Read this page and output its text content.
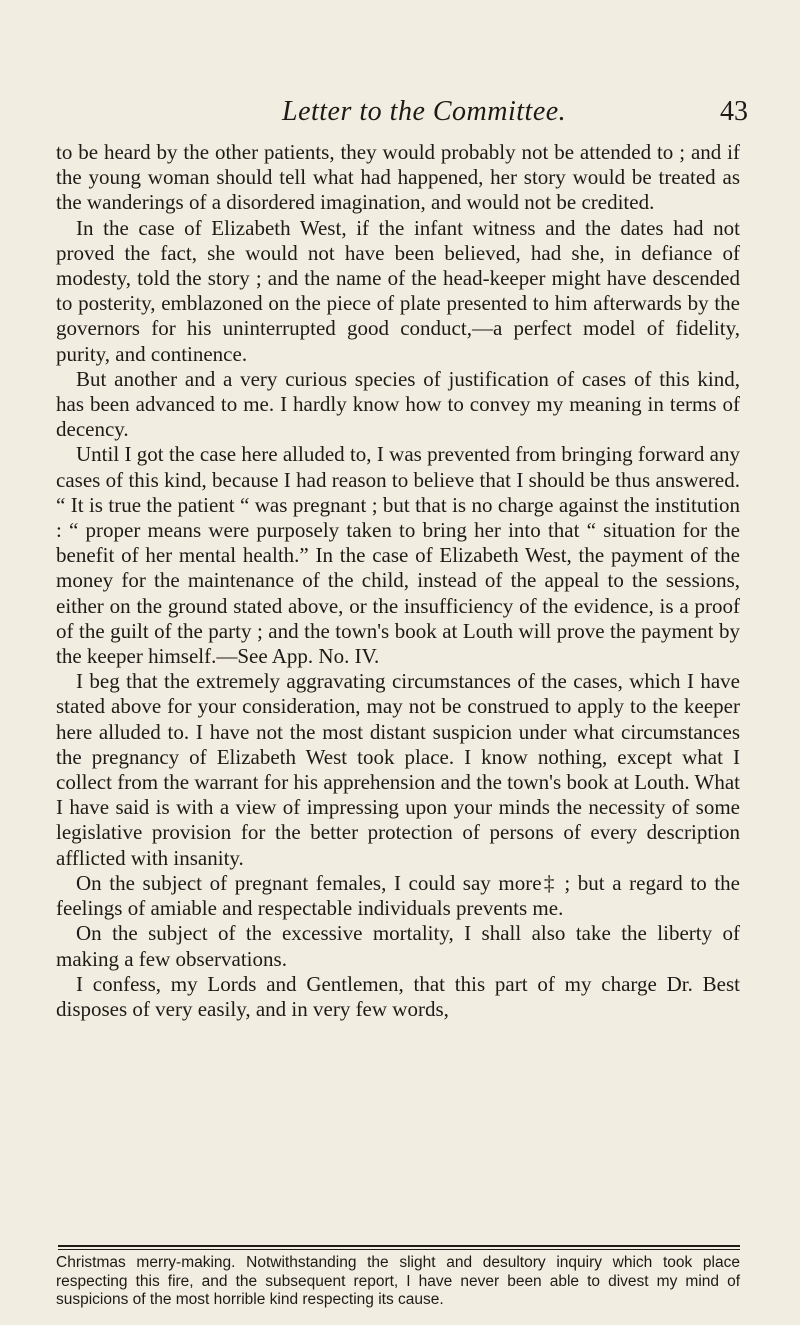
Letter to the Committee.	43

to be heard by the other patients, they would probably not be attended to ; and if the young woman should tell what had happened, her story would be treated as the wanderings of a disordered imagination, and would not be credited.

In the case of Elizabeth West, if the infant witness and the dates had not proved the fact, she would not have been believed, had she, in defiance of modesty, told the story ; and the name of the head-keeper might have descended to posterity, emblazoned on the piece of plate presented to him afterwards by the governors for his uninterrupted good conduct,—a perfect model of fidelity, purity, and continence.

But another and a very curious species of justification of cases of this kind, has been advanced to me. I hardly know how to convey my meaning in terms of decency.

Until I got the case here alluded to, I was prevented from bringing forward any cases of this kind, because I had reason to believe that I should be thus answered. “ It is true the patient “ was pregnant ; but that is no charge against the institution : “ proper means were purposely taken to bring her into that “ situation for the benefit of her mental health.” In the case of Elizabeth West, the payment of the money for the maintenance of the child, instead of the appeal to the sessions, either on the ground stated above, or the insufficiency of the evidence, is a proof of the guilt of the party ; and the town's book at Louth will prove the payment by the keeper himself.—See App. No. IV.

I beg that the extremely aggravating circumstances of the cases, which I have stated above for your consideration, may not be construed to apply to the keeper here alluded to. I have not the most distant suspicion under what circumstances the pregnancy of Elizabeth West took place. I know nothing, except what I collect from the warrant for his apprehension and the town's book at Louth. What I have said is with a view of impressing upon your minds the necessity of some legislative provision for the better protection of persons of every description afflicted with insanity.

On the subject of pregnant females, I could say more‡ ; but a regard to the feelings of amiable and respectable individuals prevents me.

On the subject of the excessive mortality, I shall also take the liberty of making a few observations.

I confess, my Lords and Gentlemen, that this part of my charge Dr. Best disposes of very easily, and in very few words,

Christmas merry-making. Notwithstanding the slight and desultory inquiry which took place respecting this fire, and the subsequent report, I have never been able to divest my mind of suspicions of the most horrible kind respecting its cause.
